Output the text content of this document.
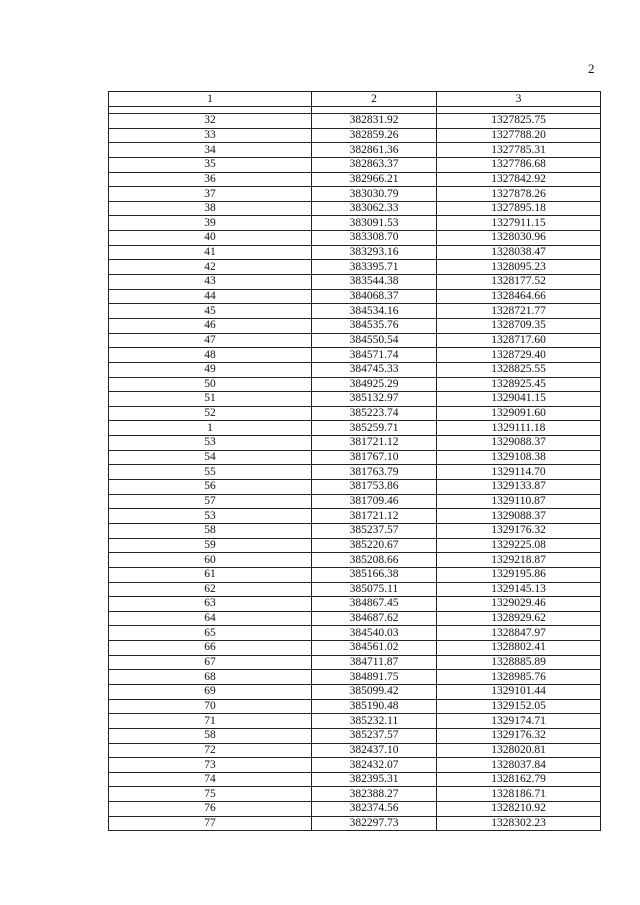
2
1	2	3

32	382831.92	1327825.75
33	382859.26	1327788.20
34	382861.36	1327785.31
35	382863.37	1327786.68
36	382966.21	1327842.92
37	383030.79	1327878.26
38	383062.33	1327895.18
39	383091.53	1327911.15
40	383308.70	1328030.96
41	383293.16	1328038.47
42	383395.71	1328095.23
43	383544.38	1328177.52
44	384068.37	1328464.66
45	384534.16	1328721.77
46	384535.76	1328709.35
47	384550.54	1328717.60
48	384571.74	1328729.40
49	384745.33	1328825.55
50	384925.29	1328925.45
51	385132.97	1329041.15
52	385223.74	1329091.60
1	385259.71	1329111.18
53	381721.12	1329088.37
54	381767.10	1329108.38
55	381763.79	1329114.70
56	381753.86	1329133.87
57	381709.46	1329110.87
53	381721.12	1329088.37
58	385237.57	1329176.32
59	385220.67	1329225.08
60	385208.66	1329218.87
61	385166.38	1329195.86
62	385075.11	1329145.13
63	384867.45	1329029.46
64	384687.62	1328929.62
65	384540.03	1328847.97
66	384561.02	1328802.41
67	384711.87	1328885.89
68	384891.75	1328985.76
69	385099.42	1329101.44
70	385190.48	1329152.05
71	385232.11	1329174.71
58	385237.57	1329176.32
72	382437.10	1328020.81
73	382432.07	1328037.84
74	382395.31	1328162.79
75	382388.27	1328186.71
76	382374.56	1328210.92
77	382297.73	1328302.23
